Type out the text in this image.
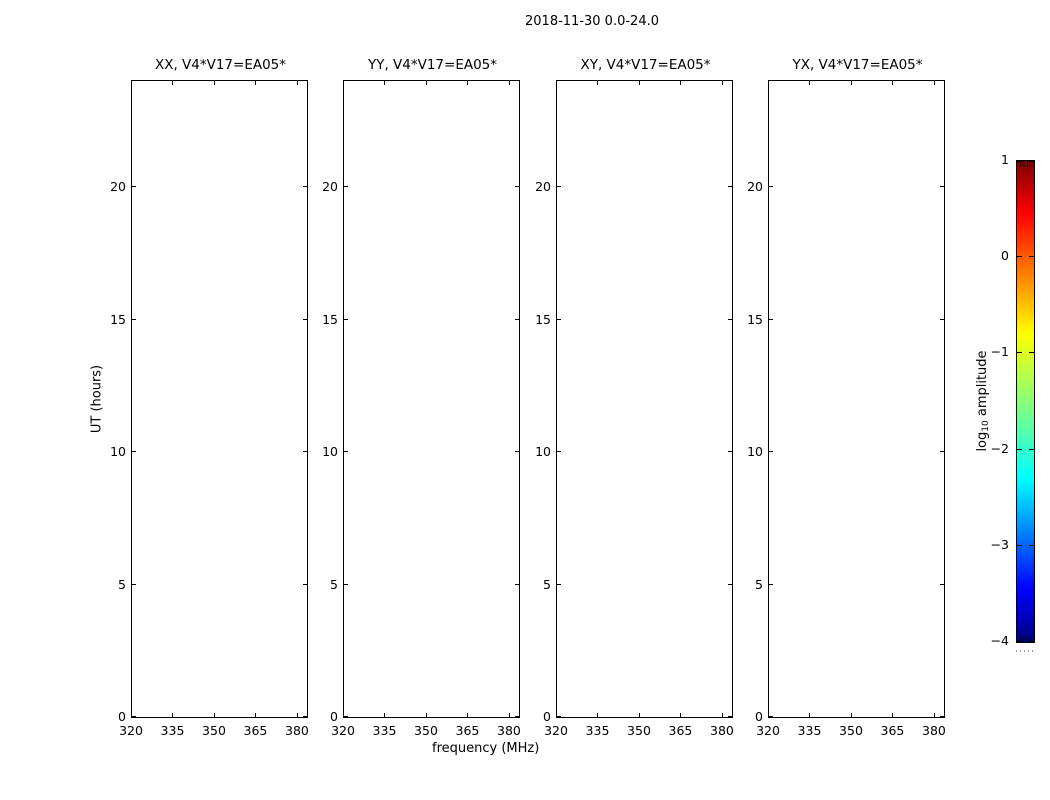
2018-11-30 0.0-24.0
XX, V4*V17=EA05*
320 335 350 365 380
0
5
10
15
20
YY, V4*V17=EA05*
320 335 350 365 380
0
5
10
15
20
XY, V4*V17=EA05*
320 335 350 365 380
0
5
10
15
20
YX, V4*V17=EA05*
320 335 350 365 380
0
5
10
15
20
UT (hours)
frequency (MHz)
$\log_{10}$ amplitude
1
0
−1
−2
−3
−4
